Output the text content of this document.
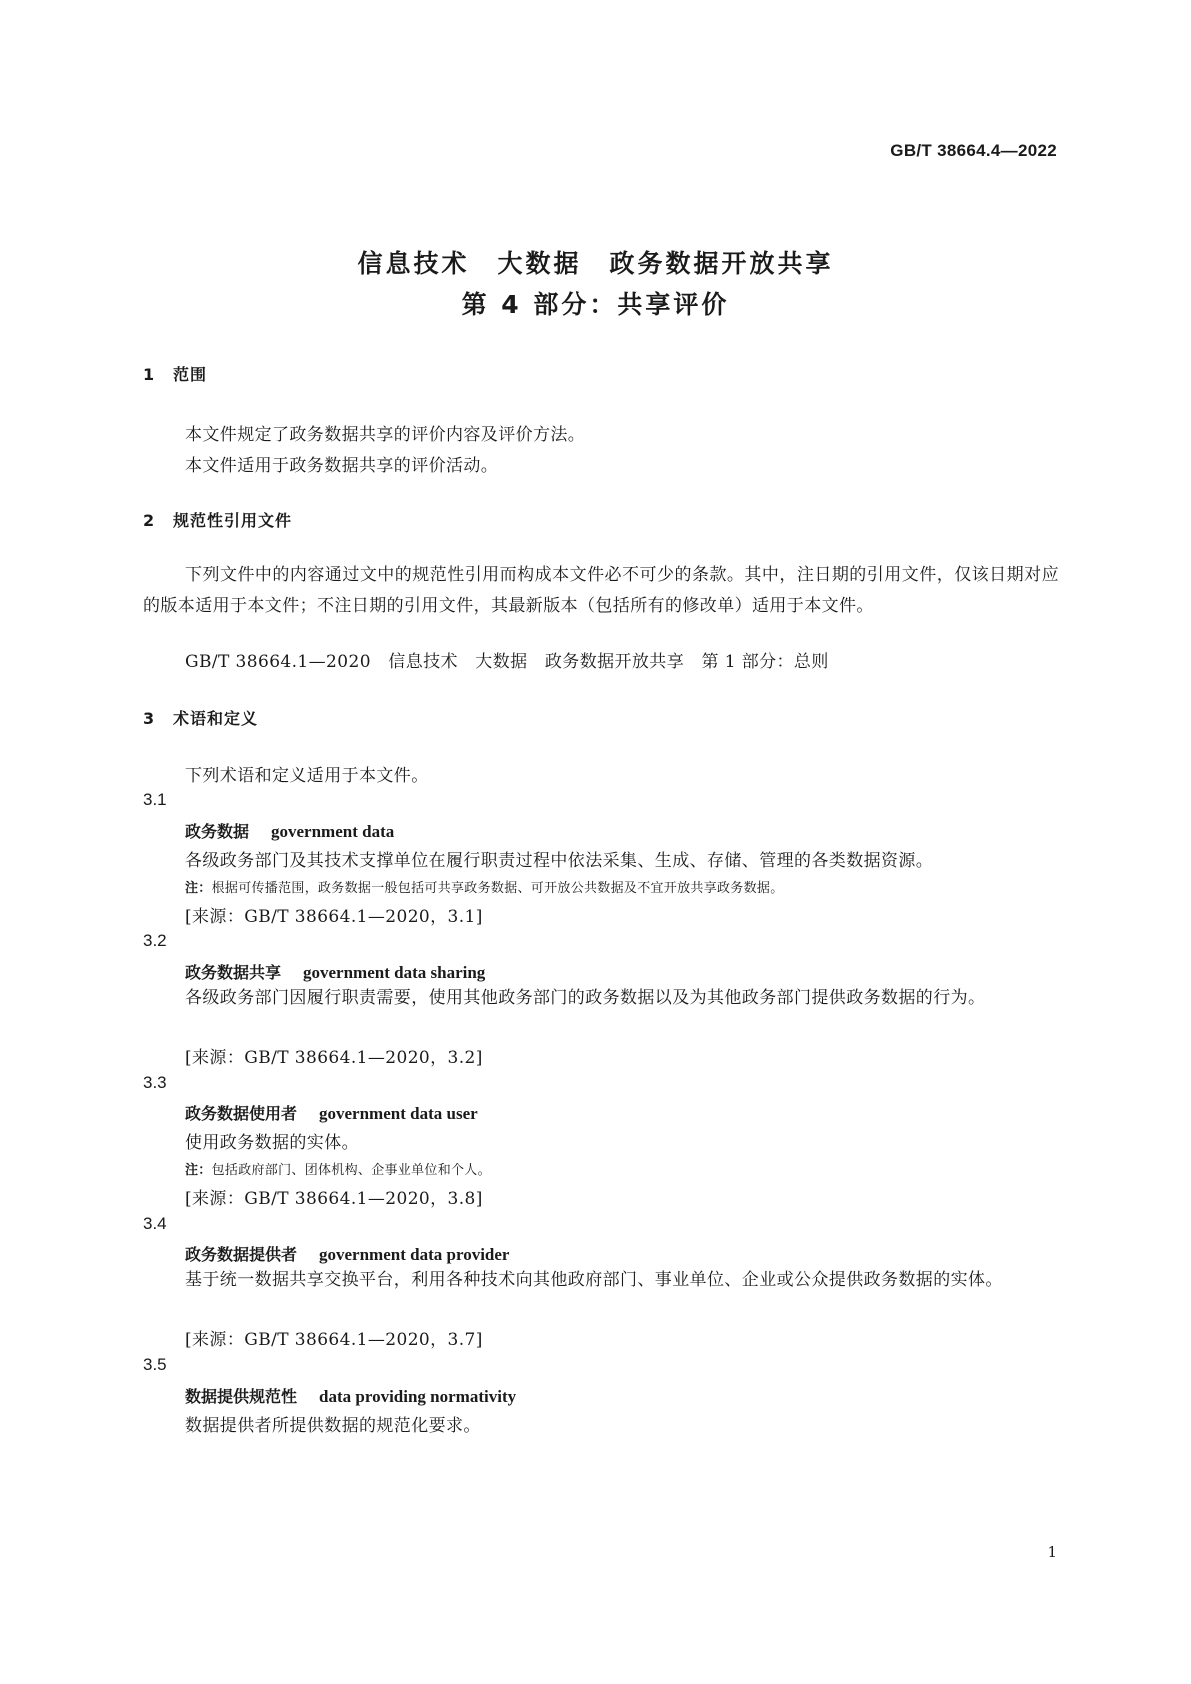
GB/T 38664.4—2022
信息技术　大数据　政务数据开放共享
第 4 部分：共享评价
1 范围
本文件规定了政务数据共享的评价内容及评价方法。
本文件适用于政务数据共享的评价活动。
2 规范性引用文件
下列文件中的内容通过文中的规范性引用而构成本文件必不可少的条款。其中，注日期的引用文件，仅该日期对应的版本适用于本文件；不注日期的引用文件，其最新版本（包括所有的修改单）适用于本文件。
GB/T 38664.1—2020　信息技术　大数据　政务数据开放共享　第 1 部分：总则
3 术语和定义
下列术语和定义适用于本文件。
3.1
政务数据 government data
各级政务部门及其技术支撑单位在履行职责过程中依法采集、生成、存储、管理的各类数据资源。
注：根据可传播范围，政务数据一般包括可共享政务数据、可开放公共数据及不宜开放共享政务数据。
[来源：GB/T 38664.1—2020，3.1]
3.2
政务数据共享 government data sharing
各级政务部门因履行职责需要，使用其他政务部门的政务数据以及为其他政务部门提供政务数据的行为。
[来源：GB/T 38664.1—2020，3.2]
3.3
政务数据使用者 government data user
使用政务数据的实体。
注：包括政府部门、团体机构、企事业单位和个人。
[来源：GB/T 38664.1—2020，3.8]
3.4
政务数据提供者 government data provider
基于统一数据共享交换平台，利用各种技术向其他政府部门、事业单位、企业或公众提供政务数据的实体。
[来源：GB/T 38664.1—2020，3.7]
3.5
数据提供规范性 data providing normativity
数据提供者所提供数据的规范化要求。
1
